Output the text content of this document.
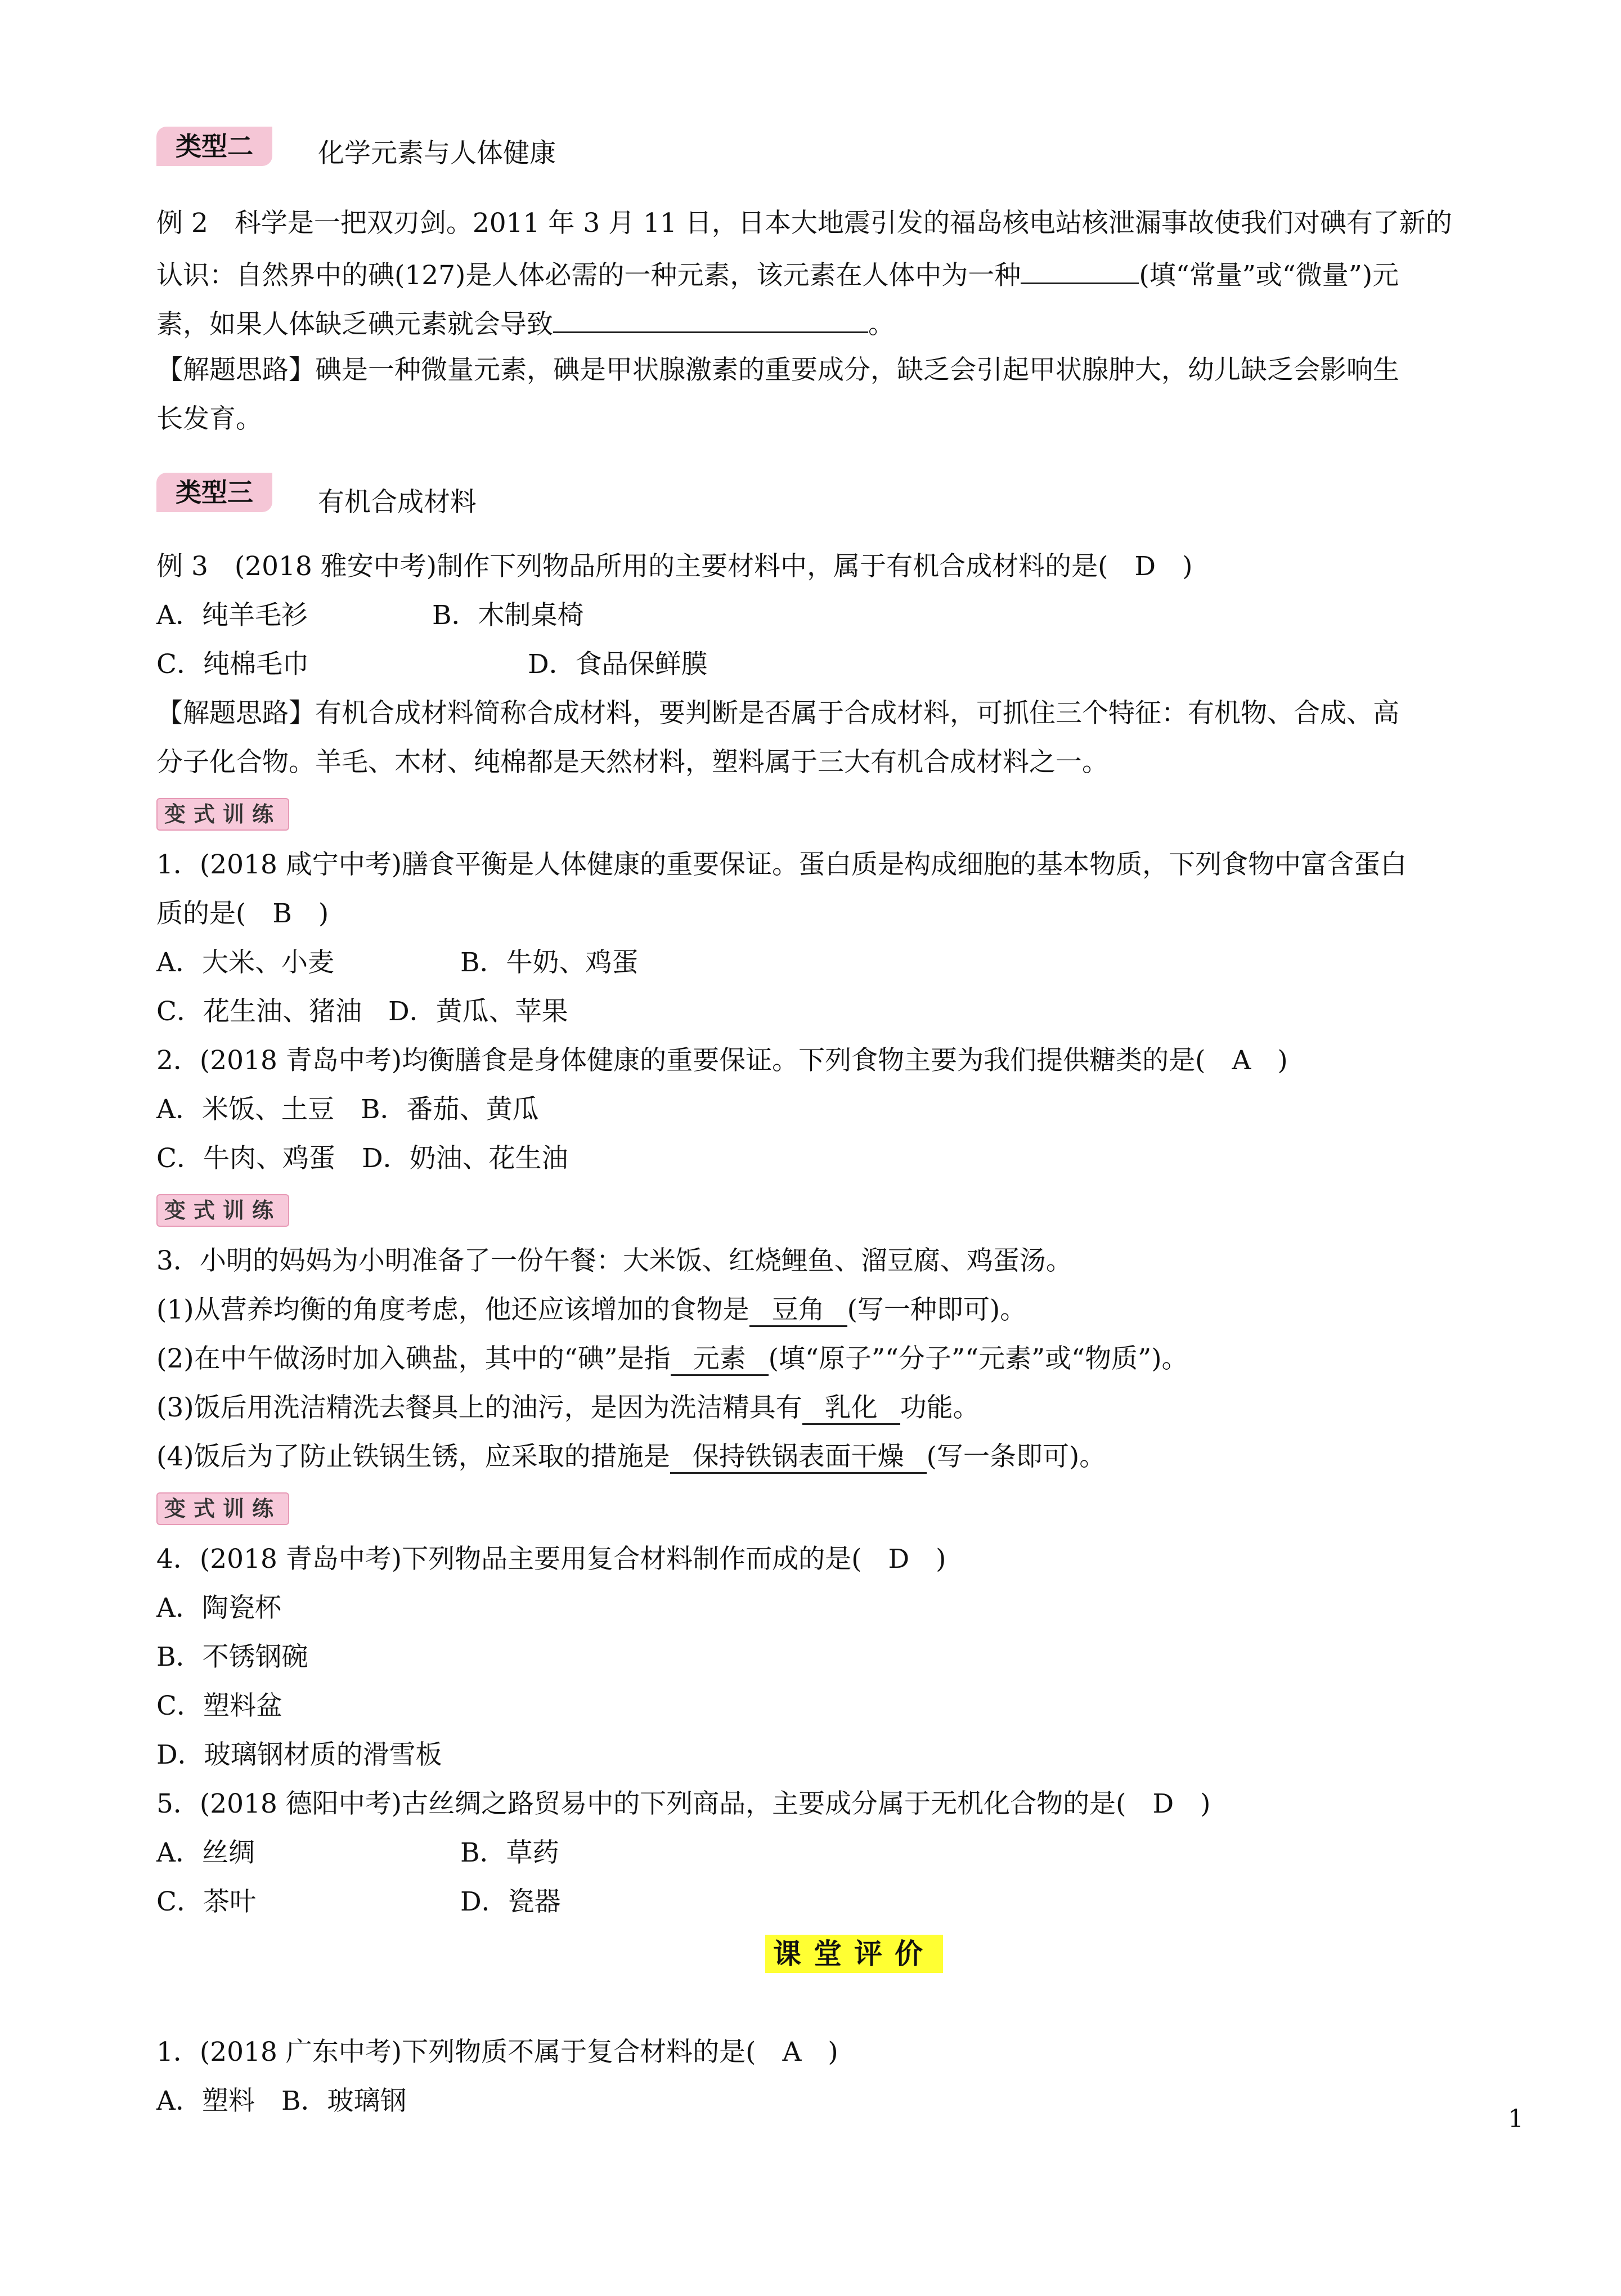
类型二	化学元素与人体健康
例 2　科学是一把双刃剑。2011 年 3 月 11 日，日本大地震引发的福岛核电站核泄漏事故使我们对碘有了新的
认识：自然界中的碘(127)是人体必需的一种元素，该元素在人体中为一种	(填“常量”或“微量”)元
素，如果人体缺乏碘元素就会导致	。
【解题思路】碘是一种微量元素，碘是甲状腺激素的重要成分，缺乏会引起甲状腺肿大，幼儿缺乏会影响生
长发育。
类型三	有机合成材料
例 3　(2018 雅安中考)制作下列物品所用的主要材料中，属于有机合成材料的是(　D　)
A．纯羊毛衫	B．木制桌椅
C．纯棉毛巾	D．食品保鲜膜
【解题思路】有机合成材料简称合成材料，要判断是否属于合成材料，可抓住三个特征：有机物、合成、高
分子化合物。羊毛、木材、纯棉都是天然材料，塑料属于三大有机合成材料之一。
变式训练
1．(2018 咸宁中考)膳食平衡是人体健康的重要保证。蛋白质是构成细胞的基本物质，下列食物中富含蛋白
质的是(　B　)
A．大米、小麦	B．牛奶、鸡蛋
C．花生油、猪油　D．黄瓜、苹果
2．(2018 青岛中考)均衡膳食是身体健康的重要保证。下列食物主要为我们提供糖类的是(　A　)
A．米饭、土豆　B．番茄、黄瓜
C．牛肉、鸡蛋　D．奶油、花生油
变式训练
3．小明的妈妈为小明准备了一份午餐：大米饭、红烧鲤鱼、溜豆腐、鸡蛋汤。
(1)从营养均衡的角度考虑，他还应该增加的食物是 豆角 (写一种即可)。
(2)在中午做汤时加入碘盐，其中的“碘”是指 元素 (填“原子”“分子”“元素”或“物质”)。
(3)饭后用洗洁精洗去餐具上的油污，是因为洗洁精具有 乳化 功能。
(4)饭后为了防止铁锅生锈，应采取的措施是 保持铁锅表面干燥 (写一条即可)。
变式训练
4．(2018 青岛中考)下列物品主要用复合材料制作而成的是(　D　)
A．陶瓷杯
B．不锈钢碗
C．塑料盆
D．玻璃钢材质的滑雪板
5．(2018 德阳中考)古丝绸之路贸易中的下列商品，主要成分属于无机化合物的是(　D　)
A．丝绸	B．草药
C．茶叶	D．瓷器
课堂评价
1．(2018 广东中考)下列物质不属于复合材料的是(　A　)
A．塑料　B．玻璃钢
1
